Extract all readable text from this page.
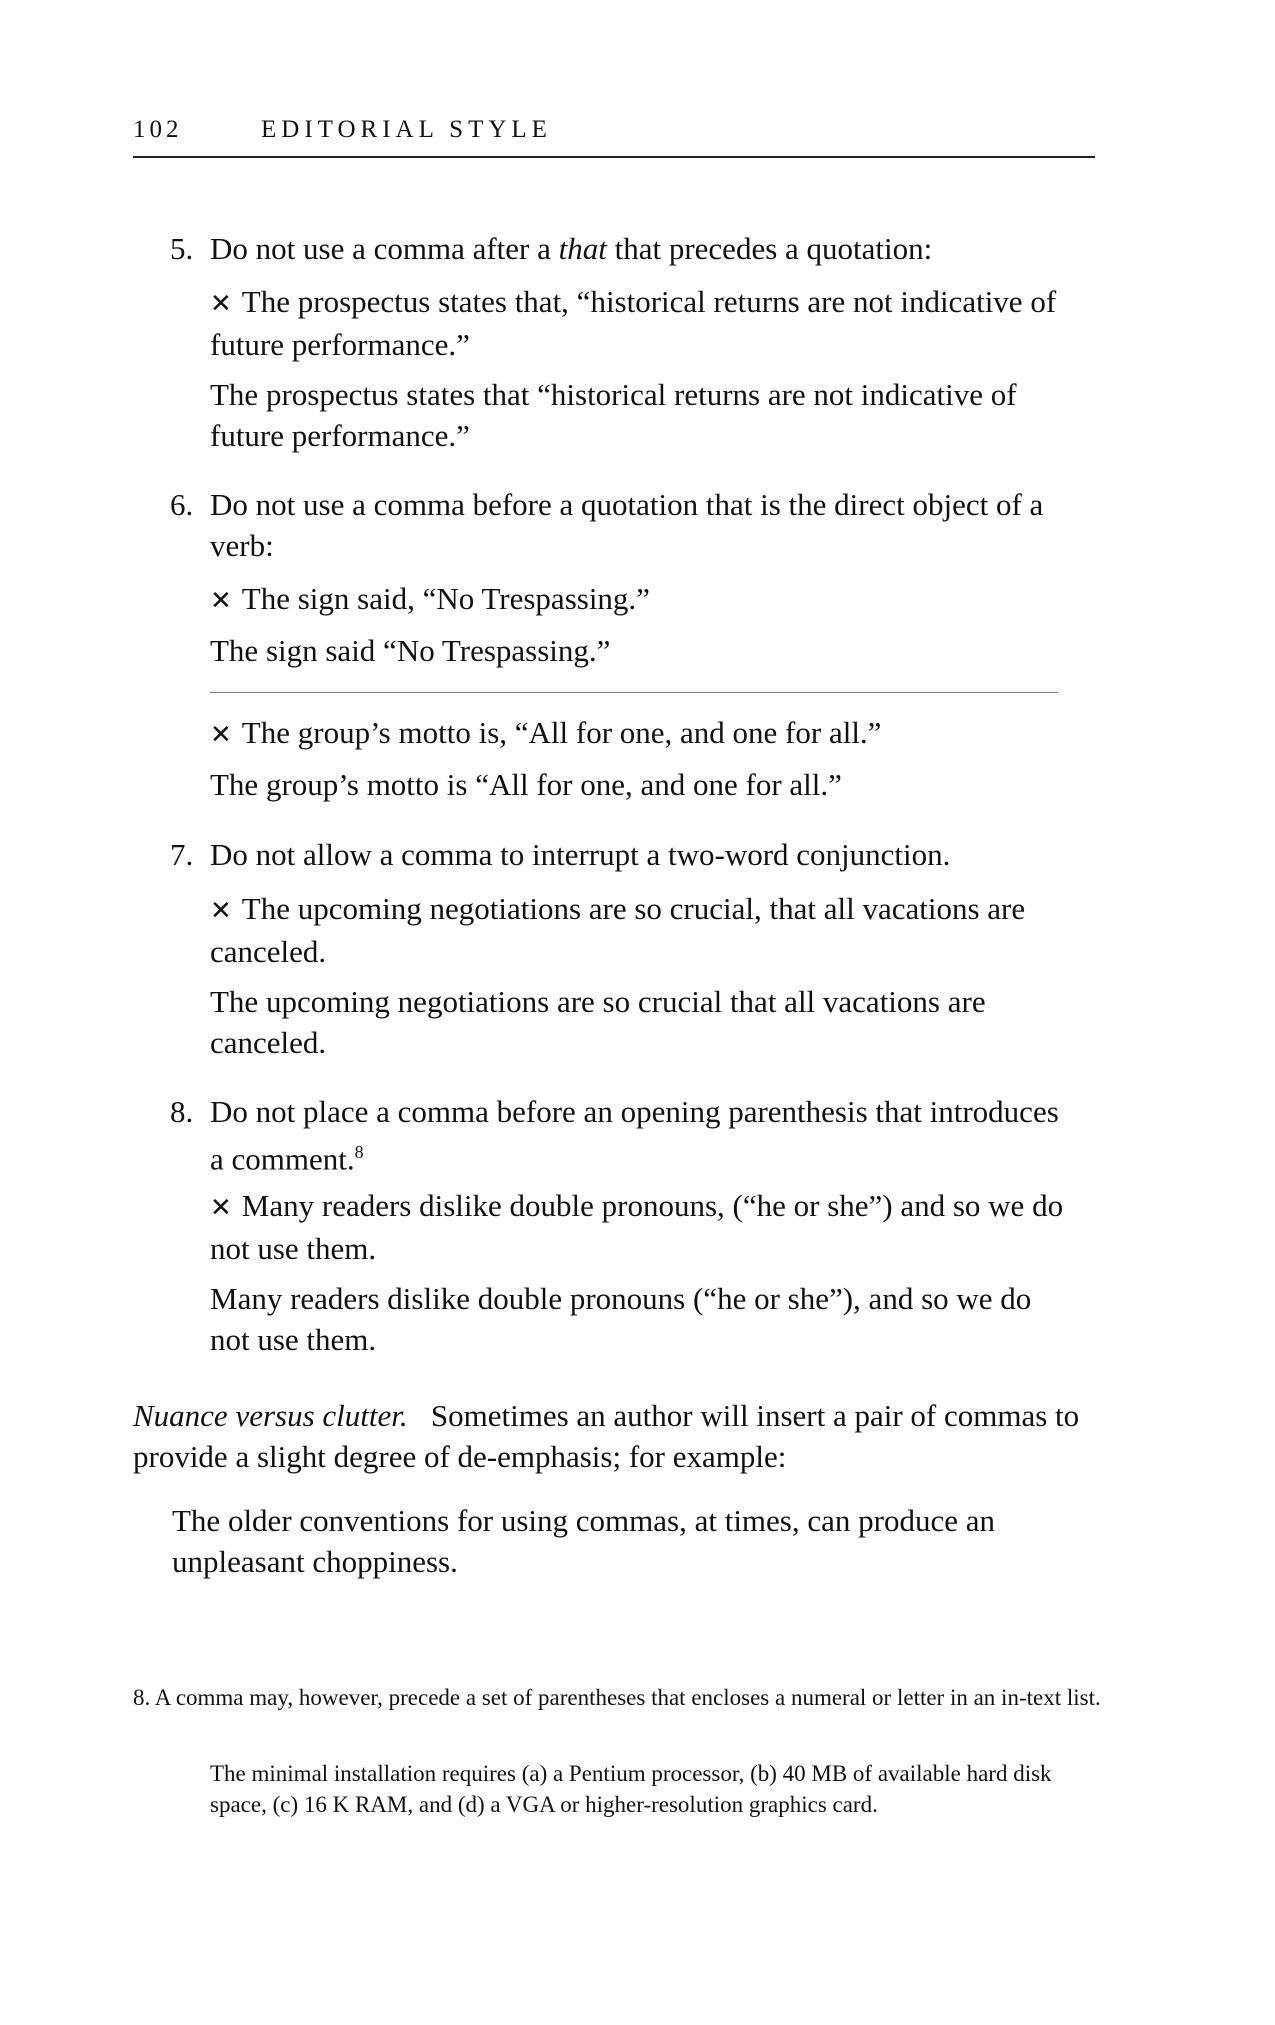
102	EDITORIAL STYLE
5. Do not use a comma after a that that precedes a quotation:
✕ The prospectus states that, “historical returns are not indicative of future performance.”
The prospectus states that “historical returns are not indicative of future performance.”
6. Do not use a comma before a quotation that is the direct object of a verb:
✕ The sign said, “No Trespassing.”
The sign said “No Trespassing.”
✕ The group’s motto is, “All for one, and one for all.”
The group’s motto is “All for one, and one for all.”
7. Do not allow a comma to interrupt a two-word conjunction.
✕ The upcoming negotiations are so crucial, that all vacations are canceled.
The upcoming negotiations are so crucial that all vacations are canceled.
8. Do not place a comma before an opening parenthesis that introduces a comment.$^8$
✕ Many readers dislike double pronouns, (“he or she”) and so we do not use them.
Many readers dislike double pronouns (“he or she”), and so we do not use them.
Nuance versus clutter. Sometimes an author will insert a pair of commas to provide a slight degree of de-emphasis; for example:
The older conventions for using commas, at times, can produce an unpleasant choppiness.
8. A comma may, however, precede a set of parentheses that encloses a numeral or letter in an in-text list.
The minimal installation requires (a) a Pentium processor, (b) 40 MB of available hard disk space, (c) 16 K RAM, and (d) a VGA or higher-resolution graphics card.
